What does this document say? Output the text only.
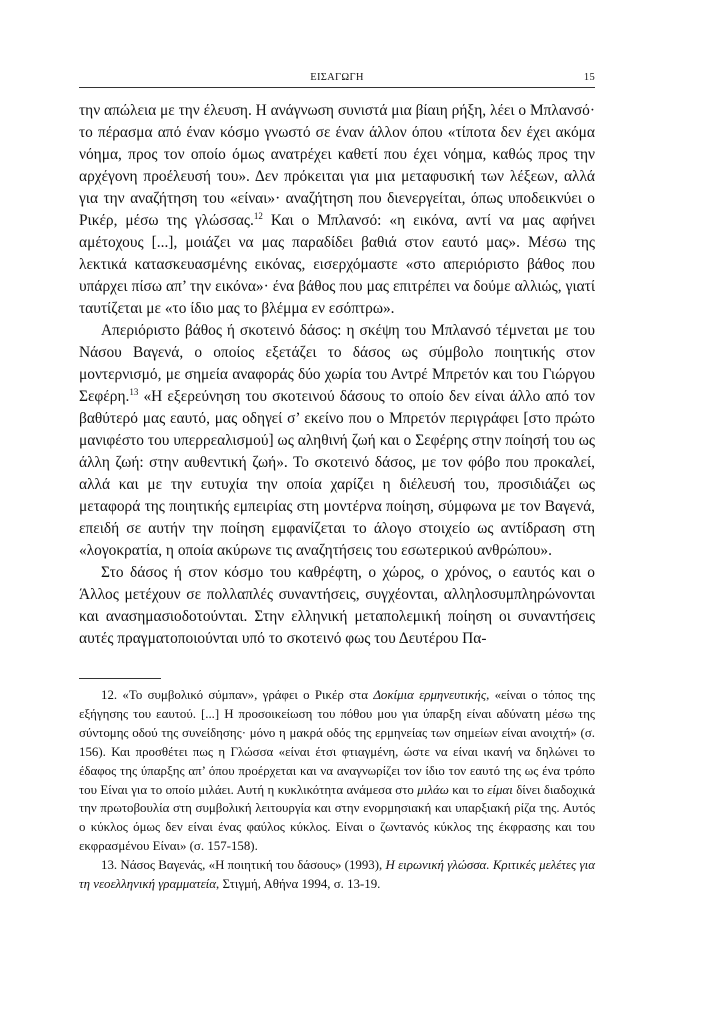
ΕΙΣΑΓΩΓΗ	15

την απώλεια με την έλευση. Η ανάγνωση συνιστά μια βίαιη ρήξη, λέει ο Μπλανσό· το πέρασμα από έναν κόσμο γνωστό σε έναν άλλον όπου «τίποτα δεν έχει ακόμα νόημα, προς τον οποίο όμως ανατρέχει καθετί που έχει νόημα, καθώς προς την αρχέγονη προέλευσή του». Δεν πρόκειται για μια μεταφυσική των λέξεων, αλλά για την αναζήτηση του «είναι»· αναζήτηση που διενεργείται, όπως υποδεικνύει ο Ρικέρ, μέσω της γλώσσας.$^{12}$ Και ο Μπλανσό: «η εικόνα, αντί να μας αφήνει αμέτοχους [...], μοιάζει να μας παραδίδει βαθιά στον εαυτό μας». Μέσω της λεκτικά κατασκευασμένης εικόνας, εισερχόμαστε «στο απεριόριστο βάθος που υπάρχει πίσω απ’ την εικόνα»· ένα βάθος που μας επιτρέπει να δούμε αλλιώς, γιατί ταυτίζεται με «το ίδιο μας το βλέμμα εν εσόπτρω».

Απεριόριστο βάθος ή σκοτεινό δάσος: η σκέψη του Μπλανσό τέμνεται με του Νάσου Βαγενά, ο οποίος εξετάζει το δάσος ως σύμβολο ποιητικής στον μοντερνισμό, με σημεία αναφοράς δύο χωρία του Αντρέ Μπρετόν και του Γιώργου Σεφέρη.$^{13}$ «Η εξερεύνηση του σκοτεινού δάσους το οποίο δεν είναι άλλο από τον βαθύτερό μας εαυτό, μας οδηγεί σ’ εκείνο που ο Μπρετόν περιγράφει [στο πρώτο μανιφέστο του υπερρεαλισμού] ως αληθινή ζωή και ο Σεφέρης στην ποίησή του ως άλλη ζωή: στην αυθεντική ζωή». Το σκοτεινό δάσος, με τον φόβο που προκαλεί, αλλά και με την ευτυχία την οποία χαρίζει η διέλευσή του, προσιδιάζει ως μεταφορά της ποιητικής εμπειρίας στη μοντέρνα ποίηση, σύμφωνα με τον Βαγενά, επειδή σε αυτήν την ποίηση εμφανίζεται το άλογο στοιχείο ως αντίδραση στη «λογοκρατία, η οποία ακύρωνε τις αναζητήσεις του εσωτερικού ανθρώπου».

Στο δάσος ή στον κόσμο του καθρέφτη, ο χώρος, ο χρόνος, ο εαυτός και ο Άλλος μετέχουν σε πολλαπλές συναντήσεις, συγχέονται, αλληλοσυμπληρώνονται και ανασημασιοδοτούνται. Στην ελληνική μεταπολεμική ποίηση οι συναντήσεις αυτές πραγματοποιούνται υπό το σκοτεινό φως του Δευτέρου Πα-

12. «Το συμβολικό σύμπαν», γράφει ο Ρικέρ στα Δοκίμια ερμηνευτικής, «είναι ο τόπος της εξήγησης του εαυτού. [...] Η προσοικείωση του πόθου μου για ύπαρξη είναι αδύνατη μέσω της σύντομης οδού της συνείδησης· μόνο η μακρά οδός της ερμηνείας των σημείων είναι ανοιχτή» (σ. 156). Και προσθέτει πως η Γλώσσα «είναι έτσι φτιαγμένη, ώστε να είναι ικανή να δηλώνει το έδαφος της ύπαρξης απ’ όπου προέρχεται και να αναγνωρίζει τον ίδιο τον εαυτό της ως ένα τρόπο του Είναι για το οποίο μιλάει. Αυτή η κυκλικότητα ανάμεσα στο μιλάω και το είμαι δίνει διαδοχικά την πρωτοβουλία στη συμβολική λειτουργία και στην ενορμησιακή και υπαρξιακή ρίζα της. Αυτός ο κύκλος όμως δεν είναι ένας φαύλος κύκλος. Είναι ο ζωντανός κύκλος της έκφρασης και του εκφρασμένου Είναι» (σ. 157-158).

13. Νάσος Βαγενάς, «Η ποιητική του δάσους» (1993), Η ειρωνική γλώσσα. Κριτικές μελέτες για τη νεοελληνική γραμματεία, Στιγμή, Αθήνα 1994, σ. 13-19.
